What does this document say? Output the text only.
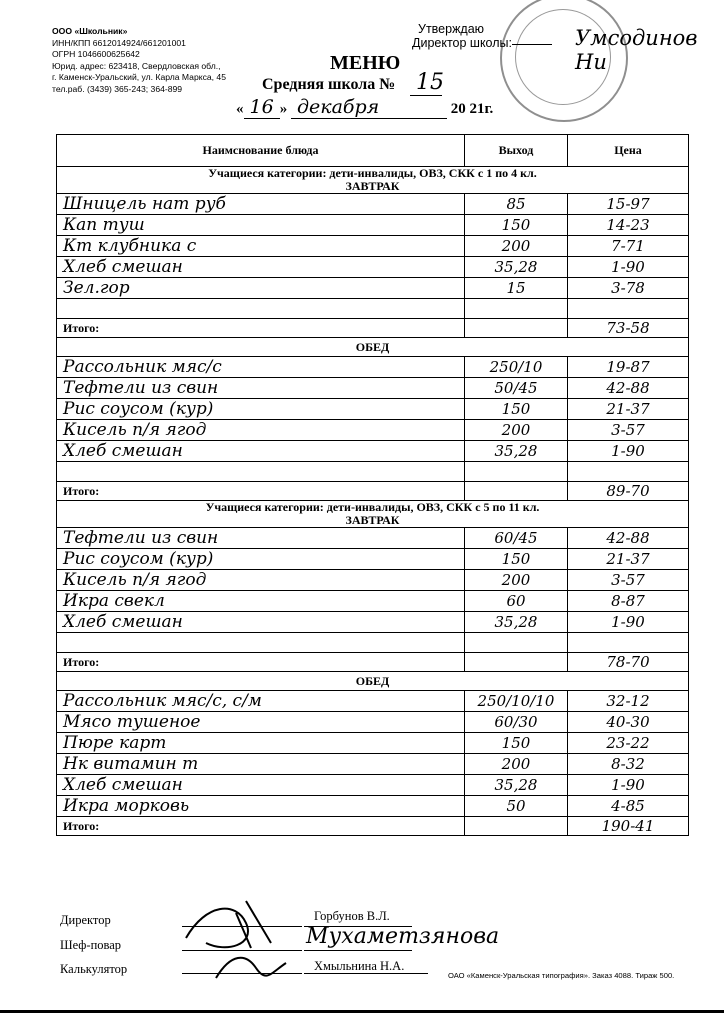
ООО «Школьник»
ИНН/КПП 6612014924/661201001
ОГРН 1046600625642
Юрид. адрес: 623418, Свердловская обл.,
г. Каменск-Уральский, ул. Карла Маркса, 45
тел.раб. (3439) 365-243; 364-899
Утверждаю
Директор школы:	Умсодинов Ни
МЕНЮ
Средняя школа № 15
« 16 » декабря	20 21г.
Наимснование блюда	Выход	Цена

Учащиеся категории: дети-инвалиды, ОВЗ, СКК с 1 по 4 кл.
ЗАВТРАК		

Шницель нат руб	85	15-97
Кап туш	150	14-23
Кт клубника с	200	7-71
Хлеб смешан	35,28	1-90
Зел.гор	15	3-78

Итого:		73-58

ОБЕД		

Рассольник мяс/с	250/10	19-87
Тефтели из свин	50/45	42-88
Рис соусом (кур)	150	21-37
Кисель п/я ягод	200	3-57
Хлеб смешан	35,28	1-90

Итого:		89-70

Учащиеся категории: дети-инвалиды, ОВЗ, СКК с 5 по 11 кл.
ЗАВТРАК		

Тефтели из свин	60/45	42-88
Рис соусом (кур)	150	21-37
Кисель п/я ягод	200	3-57
Икра свекл	60	8-87
Хлеб смешан	35,28	1-90

Итого:		78-70

ОБЕД		

Рассольник мяс/с, с/м	250/10/10	32-12
Мясо тушеное	60/30	40-30
Пюре карт	150	23-22
Нк витамин т	200	8-32
Хлеб смешан	35,28	1-90
Икра морковь	50	4-85
Итого:		190-41
Директор	Горбунов В.Л.
Шеф-повар	Мухаметзянова
Калькулятор	Хмыльнина Н.А.
ОАО «Каменск-Уральская типография». Заказ 4088. Тираж 500.
